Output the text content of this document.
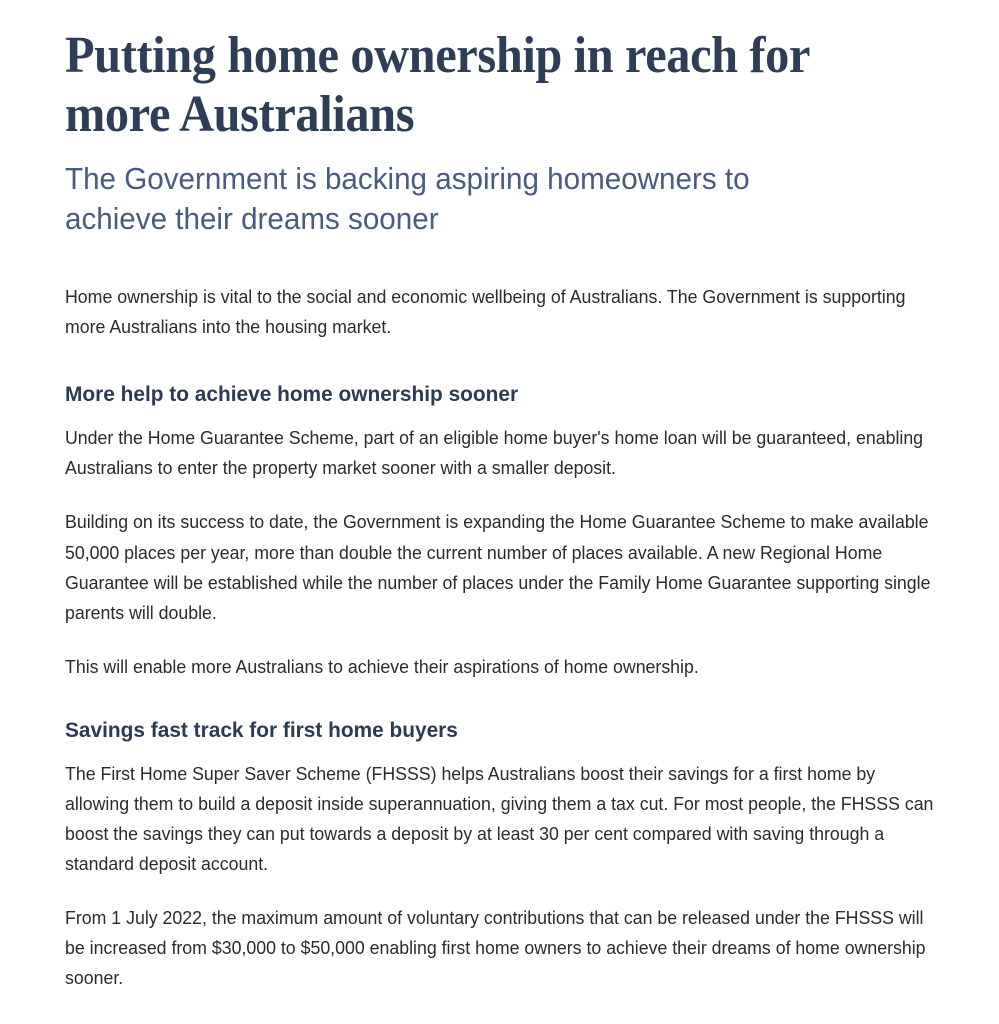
Putting home ownership in reach for more Australians
The Government is backing aspiring homeowners to achieve their dreams sooner

Home ownership is vital to the social and economic wellbeing of Australians. The Government is supporting more Australians into the housing market.

More help to achieve home ownership sooner

Under the Home Guarantee Scheme, part of an eligible home buyer's home loan will be guaranteed, enabling Australians to enter the property market sooner with a smaller deposit.

Building on its success to date, the Government is expanding the Home Guarantee Scheme to make available 50,000 places per year, more than double the current number of places available. A new Regional Home Guarantee will be established while the number of places under the Family Home Guarantee supporting single parents will double.

This will enable more Australians to achieve their aspirations of home ownership.

Savings fast track for first home buyers

The First Home Super Saver Scheme (FHSSS) helps Australians boost their savings for a first home by allowing them to build a deposit inside superannuation, giving them a tax cut. For most people, the FHSSS can boost the savings they can put towards a deposit by at least 30 per cent compared with saving through a standard deposit account.

From 1 July 2022, the maximum amount of voluntary contributions that can be released under the FHSSS will be increased from $30,000 to $50,000 enabling first home owners to achieve their dreams of home ownership sooner.
